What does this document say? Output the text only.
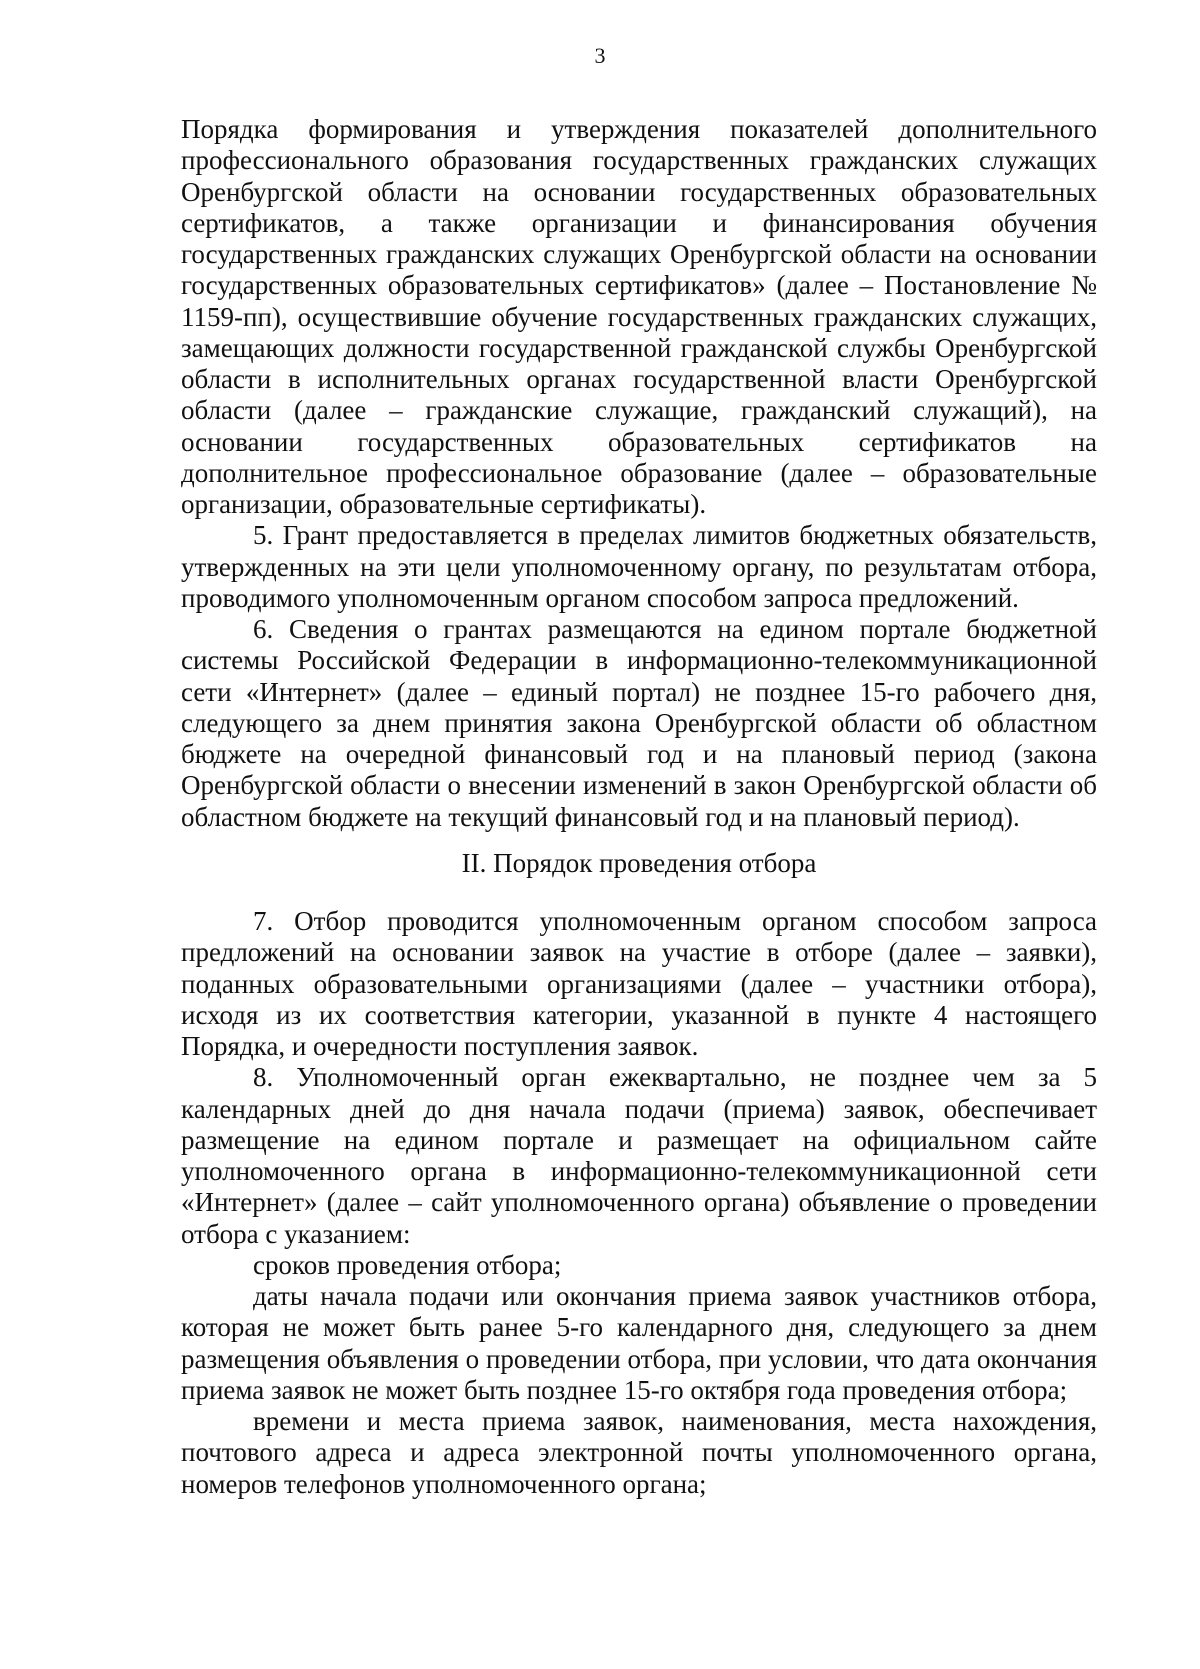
3

Порядка формирования и утверждения показателей дополнительного профессионального образования государственных гражданских служащих Оренбургской области на основании государственных образовательных сертификатов, а также организации и финансирования обучения государственных гражданских служащих Оренбургской области на основании государственных образовательных сертификатов» (далее – Постановление № 1159-пп), осуществившие обучение государственных гражданских служащих, замещающих должности государственной гражданской службы Оренбургской области в исполнительных органах государственной власти Оренбургской области (далее – гражданские служащие, гражданский служащий), на основании государственных образовательных сертификатов на дополнительное профессиональное образование (далее – образовательные организации, образовательные сертификаты).

5. Грант предоставляется в пределах лимитов бюджетных обязательств, утвержденных на эти цели уполномоченному органу, по результатам отбора, проводимого уполномоченным органом способом запроса предложений.

6. Сведения о грантах размещаются на едином портале бюджетной системы Российской Федерации в информационно-телекоммуникационной сети «Интернет» (далее – единый портал) не позднее 15-го рабочего дня, следующего за днем принятия закона Оренбургской области об областном бюджете на очередной финансовый год и на плановый период (закона Оренбургской области о внесении изменений в закон Оренбургской области об областном бюджете на текущий финансовый год и на плановый период).

II. Порядок проведения отбора

7. Отбор проводится уполномоченным органом способом запроса предложений на основании заявок на участие в отборе (далее – заявки), поданных образовательными организациями (далее – участники отбора), исходя из их соответствия категории, указанной в пункте 4 настоящего Порядка, и очередности поступления заявок.

8. Уполномоченный орган ежеквартально, не позднее чем за 5 календарных дней до дня начала подачи (приема) заявок, обеспечивает размещение на едином портале и размещает на официальном сайте уполномоченного органа в информационно-телекоммуникационной сети «Интернет» (далее – сайт уполномоченного органа) объявление о проведении отбора с указанием:

сроков проведения отбора;

даты начала подачи или окончания приема заявок участников отбора, которая не может быть ранее 5-го календарного дня, следующего за днем размещения объявления о проведении отбора, при условии, что дата окончания приема заявок не может быть позднее 15-го октября года проведения отбора;

времени и места приема заявок, наименования, места нахождения, почтового адреса и адреса электронной почты уполномоченного органа, номеров телефонов уполномоченного органа;
